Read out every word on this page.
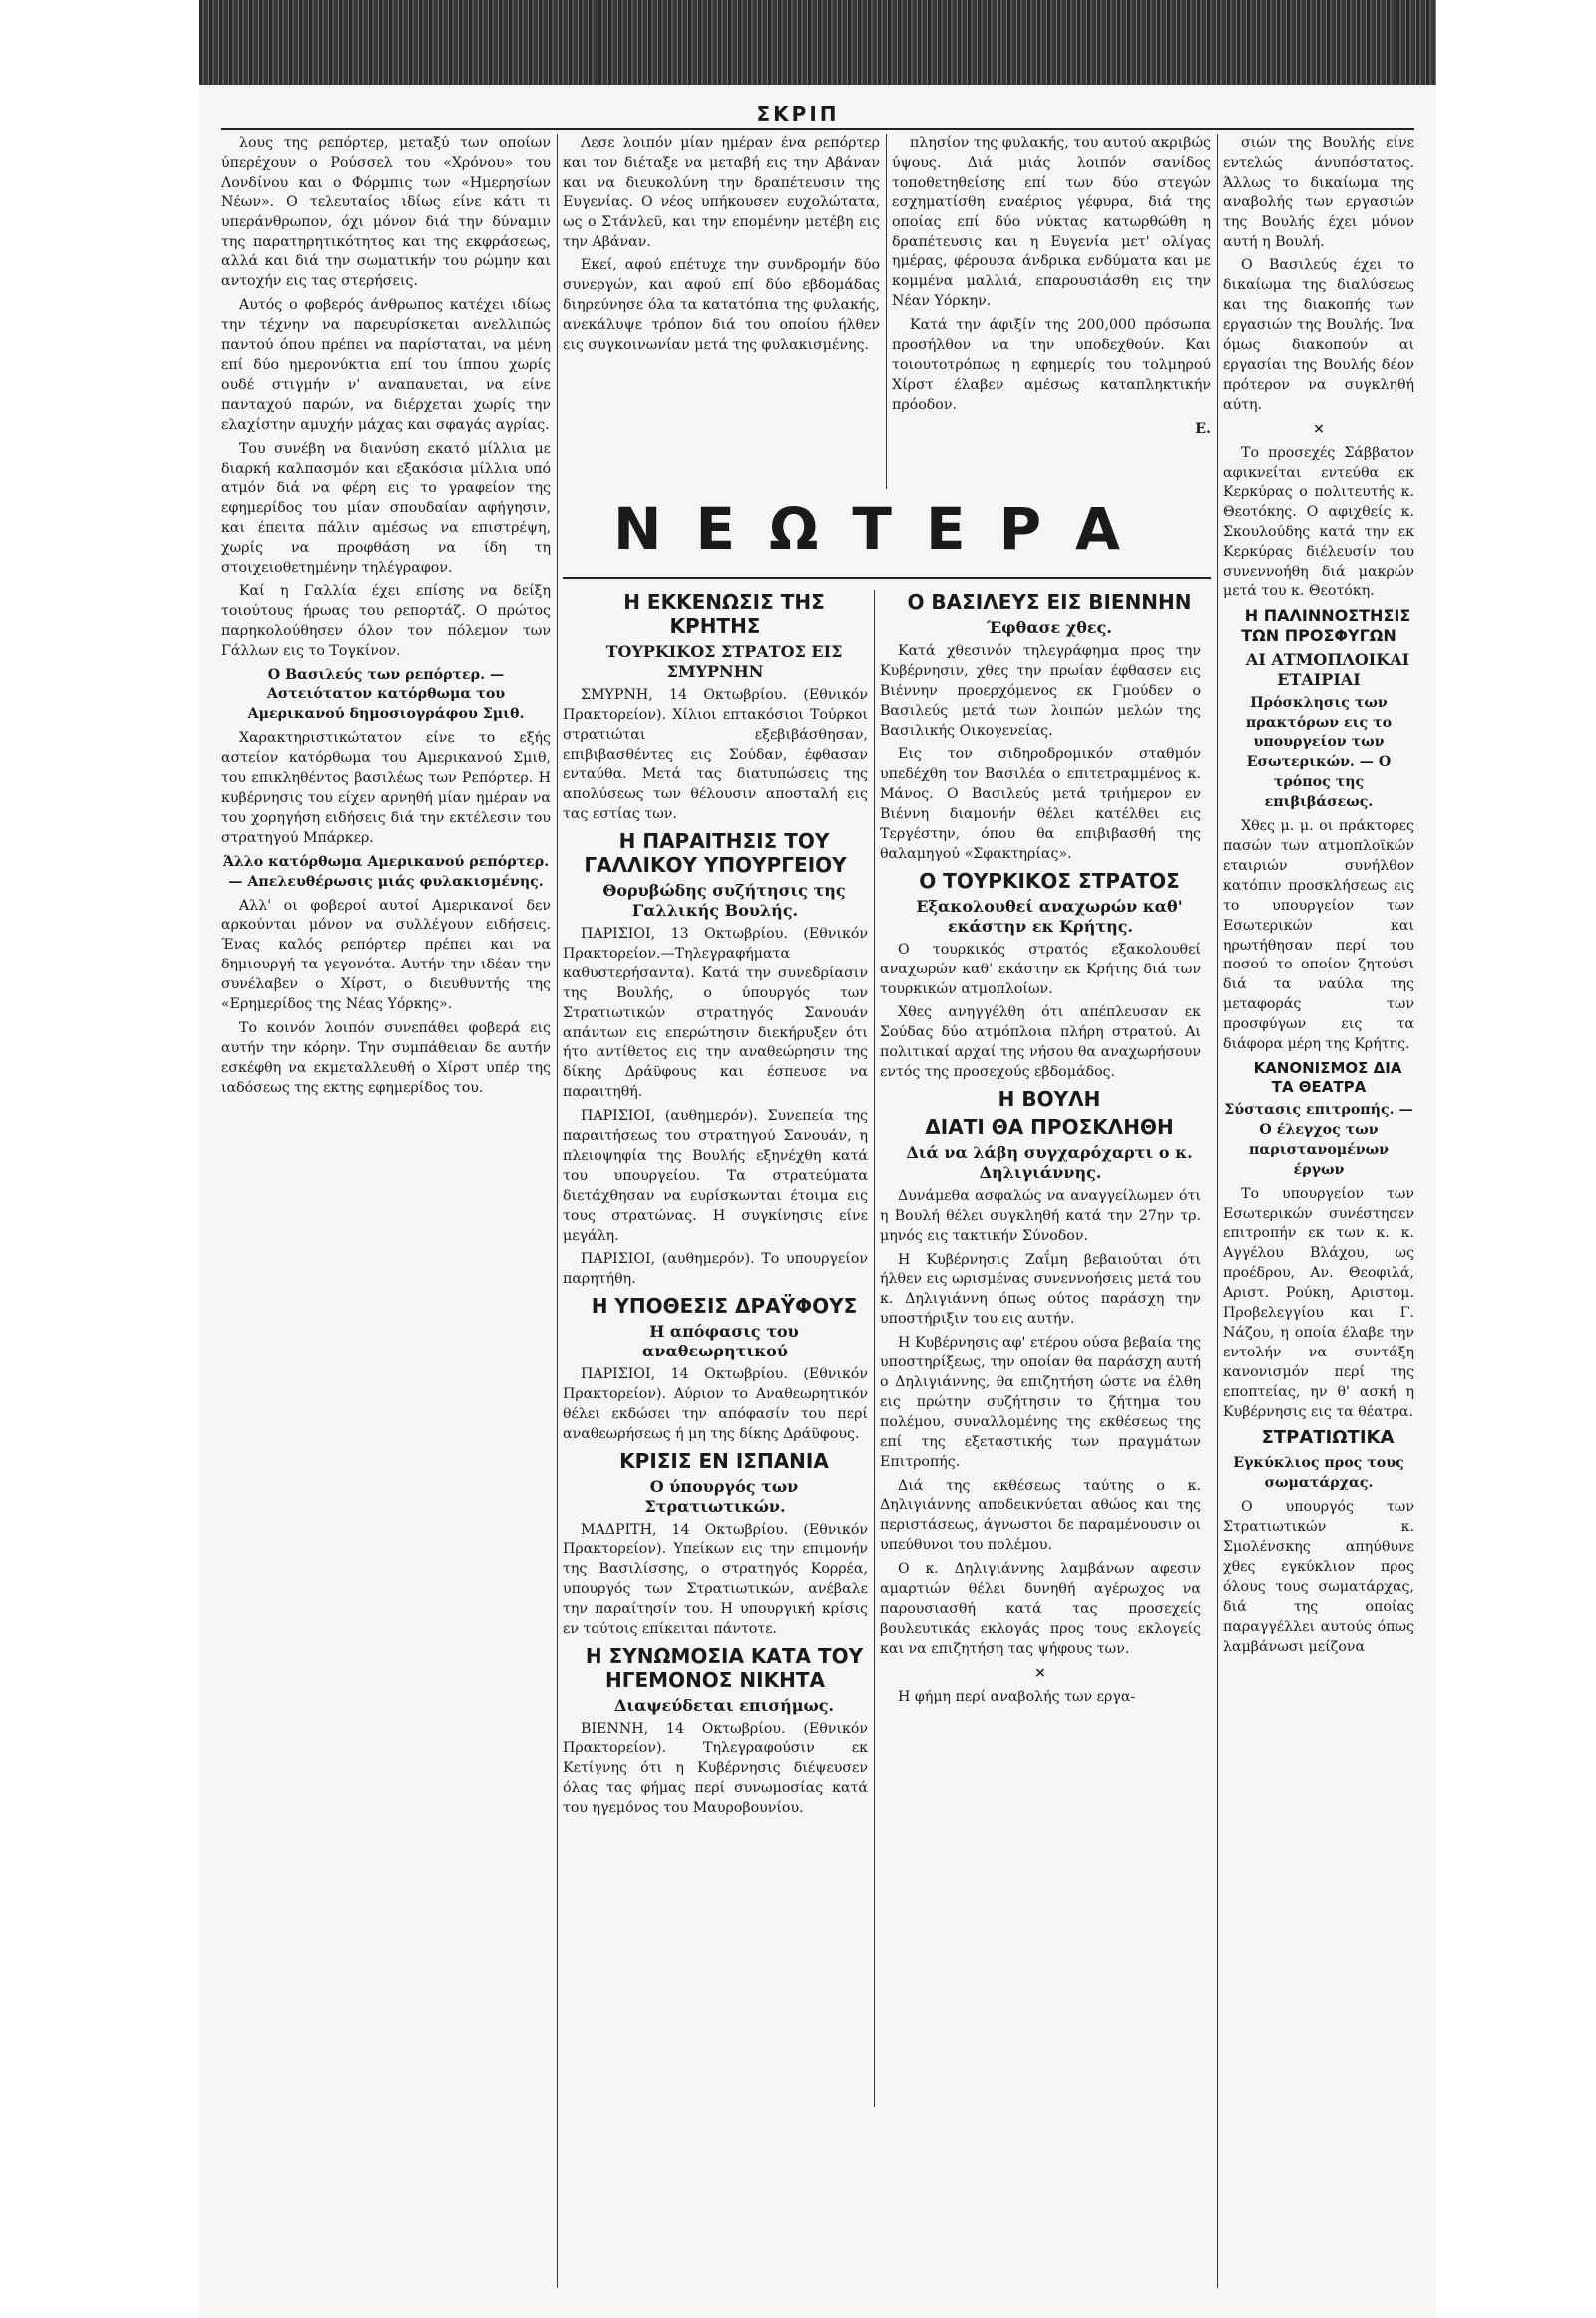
ΣΚΡΙΠ

λους της ρεπόρτερ, μεταξύ των οποίων ύπερέχουν ο Ρούσσελ του «Χρόνου» του Λονδίνου και ο Φόρμπις των «Ημερησίων Νέων». Ο τελευταίος ιδίως είνε κάτι τι υπεράνθρωπον, όχι μόνον διά την δύναμιν της παρατηρητικότητος και της εκφράσεως, αλλά και διά την σωματικήν του ρώμην και αντοχήν εις τας στερήσεις.

Αυτός ο φοβερός άνθρωπος κατέχει ιδίως την τέχνην να παρευρίσκεται ανελλιπώς παντού όπου πρέπει να παρίσταται, να μένη επί δύο ημερονύκτια επί του ίππου χωρίς ουδέ στιγμήν ν' αναπαυεται, να είνε πανταχού παρών, να διέρχεται χωρίς την ελαχίστην αμυχήν μάχας και σφαγάς αγρίας.

Του συνέβη να διανύση εκατό μίλλια με διαρκή καλπασμόν και εξακόσια μίλλια υπό ατμόν διά να φέρη εις το γραφείον της εφημερίδος του μίαν σπουδαίαν αφήγησιν, και έπειτα πάλιν αμέσως να επιστρέψη, χωρίς να προφθάση να ίδη τη στοιχειοθετημένην τηλέγραφον.

Καί η Γαλλία έχει επίσης να δείξη τοιούτους ήρωας του ρεπορτάζ. Ο πρώτος παρηκολούθησεν όλον τον πόλεμον των Γάλλων εις το Τογκίνον.

Ο Βασιλεύς των ρεπόρτερ. — Αστειότατον κατόρθωμα του Αμερικανού δημοσιογράφου Σμιθ.

Χαρακτηριστικώτατον είνε το εξής αστείον κατόρθωμα του Αμερικανού Σμιθ, του επικληθέντος βασιλέως των Ρεπόρτερ. Η κυβέρνησις του είχεν αρνηθή μίαν ημέραν να του χορηγήση ειδήσεις διά την εκτέλεσιν του στρατηγού Μπάρκερ.

Άλλο κατόρθωμα Αμερικανού ρεπόρτερ. — Απελευθέρωσις μιάς φυλακισμένης.

Αλλ' οι φοβεροί αυτοί Αμερικανοί δεν αρκούνται μόνον να συλλέγουν ειδήσεις. Ένας καλός ρεπόρτερ πρέπει και να δημιουργή τα γεγονότα. Αυτήν την ιδέαν την συνέλαβεν ο Χίρστ, ο διευθυντής της «Ερημερίδος της Νέας Υόρκης».

Το κοινόν λοιπόν συνεπάθει φοβερά εις αυτήν την κόρην. Την συμπάθειαν δε αυτήν εσκέφθη να εκμεταλλευθή ο Χίρστ υπέρ της ιαδόσεως της εκτης εφημερίδος του.

Λεσε λοιπόν μίαν ημέραν ένα ρεπόρτερ και τον διέταξε να μεταβή εις την Αβάναν και να διευκολύνη την δραπέτευσιν της Ευγενίας. Ο νέος υπήκουσεν ευχολώτατα, ως ο Στάνλεϋ, και την επομένην μετέβη εις την Αβάναν.

Εκεί, αφού επέτυχε την συνδρομήν δύο συνεργών, και αφού επί δύο εβδομάδας διηρεύνησε όλα τα κατατόπια της φυλακής, ανεκάλυψε τρόπον διά του οποίου ήλθεν εις συγκοινωνίαν μετά της φυλακισμένης.

πλησίον της φυλακής, του αυτού ακριβώς ύψους. Διά μιάς λοιπόν σανίδος τοποθετηθείσης επί των δύο στεγών εσχηματίσθη εναέριος γέφυρα, διά της οποίας επί δύο νύκτας κατωρθώθη η δραπέτευσις και η Ευγενία μετ' ολίγας ημέρας, φέρουσα άνδρικα ενδύματα και με κομμένα μαλλιά, επαρουσιάσθη εις την Νέαν Υόρκην.

Κατά την άφιξίν της 200,000 πρόσωπα προσήλθον να την υποδεχθούν. Και τοιουτοτρόπως η εφημερίς του τολμηρού Χίρστ έλαβεν αμέσως καταπληκτικήν πρόοδον.

Ε.

ΝΕΩΤΕΡΑ

Η ΕΚΚΕΝΩΣΙΣ ΤΗΣ ΚΡΗΤΗΣ

ΤΟΥΡΚΙΚΟΣ ΣΤΡΑΤΟΣ ΕΙΣ ΣΜΥΡΝΗΝ

ΣΜΥΡΝΗ, 14 Οκτωβρίου. (Εθνικόν Πρακτορείον). Χίλιοι επτακόσιοι Τούρκοι στρατιώται εξεβιβάσθησαν, επιβιβασθέντες εις Σούδαν, έφθασαν ενταύθα. Μετά τας διατυπώσεις της απολύσεως των θέλουσιν αποσταλή εις τας εστίας των.

Η ΠΑΡΑΙΤΗΣΙΣ ΤΟΥ ΓΑΛΛΙΚΟΥ ΥΠΟΥΡΓΕΙΟΥ

Θορυβώδης συζήτησις της Γαλλικής Βουλής.

ΠΑΡΙΣΙΟΙ, 13 Οκτωβρίου. (Εθνικόν Πρακτορείον.—Τηλεγραφήματα καθυστερήσαντα). Κατά την συνεδρίασιν της Βουλής, ο ύπουργός των Στρατιωτικών στρατηγός Σανουάν απάντων εις επερώτησιν διεκήρυξεν ότι ήτο αντίθετος εις την αναθεώρησιν της δίκης Δράϋφους και έσπευσε να παραιτηθή.

ΠΑΡΙΣΙΟΙ, (αυθημερόν). Συνεπεία της παραιτήσεως του στρατηγού Σανουάν, η πλειοψηφία της Βουλής εξηνέχθη κατά του υπουργείου. Τα στρατεύματα διετάχθησαν να ευρίσκωνται έτοιμα εις τους στρατώνας. Η συγκίνησις είνε μεγάλη.

ΠΑΡΙΣΙΟΙ, (αυθημερόν). Το υπουργείον παρητήθη.

Η ΥΠΟΘΕΣΙΣ ΔΡΑΫΦΟΥΣ

Η απόφασις του αναθεωρητικού

ΠΑΡΙΣΙΟΙ, 14 Οκτωβρίου. (Εθνικόν Πρακτορείον). Αύριον το Αναθεωρητικόν θέλει εκδώσει την απόφασίν του περί αναθεωρήσεως ή μη της δίκης Δράϋφους.

ΚΡΙΣΙΣ ΕΝ ΙΣΠΑΝΙΑ

Ο ύπουργός των Στρατιωτικών.

ΜΑΔΡΙΤΗ, 14 Οκτωβρίου. (Εθνικόν Πρακτορείον). Υπείκων εις την επιμονήν της Βασιλίσσης, ο στρατηγός Κορρέα, υπουργός των Στρατιωτικών, ανέβαλε την παραίτησίν του. Η υπουργική κρίσις εν τούτοις επίκειται πάντοτε.

Η ΣΥΝΩΜΟΣΙΑ ΚΑΤΑ ΤΟΥ ΗΓΕΜΟΝΟΣ ΝΙΚΗΤΑ

Διαψεύδεται επισήμως.

ΒΙΕΝΝΗ, 14 Οκτωβρίου. (Εθνικόν Πρακτορείον). Τηλεγραφούσιν εκ Κετίγνης ότι η Κυβέρνησις διέψευσεν όλας τας φήμας περί συνωμοσίας κατά του ηγεμόνος του Μαυροβουνίου.

Ο ΒΑΣΙΛΕΥΣ ΕΙΣ ΒΙΕΝΝΗΝ

Έφθασε χθες.

Κατά χθεσινόν τηλεγράφημα προς την Κυβέρνησιν, χθες την πρωίαν έφθασεν εις Βιέννην προερχόμενος εκ Γμούδεν ο Βασιλεύς μετά των λοιπών μελών της Βασιλικής Οικογενείας.

Εις τον σιδηροδρομικόν σταθμόν υπεδέχθη τον Βασιλέα ο επιτετραμμένος κ. Μάνος. Ο Βασιλεύς μετά τριήμερον εν Βιέννη διαμονήν θέλει κατέλθει εις Τεργέστην, όπου θα επιβιβασθή της θαλαμηγού «Σφακτηρίας».

Ο ΤΟΥΡΚΙΚΟΣ ΣΤΡΑΤΟΣ

Εξακολουθεί αναχωρών καθ' εκάστην εκ Κρήτης.

Ο τουρκικός στρατός εξακολουθεί αναχωρών καθ' εκάστην εκ Κρήτης διά των τουρκικών ατμοπλοίων.

Χθες ανηγγέλθη ότι απέπλευσαν εκ Σούδας δύο ατμόπλοια πλήρη στρατού. Αι πολιτικαί αρχαί της νήσου θα αναχωρήσουν εντός της προσεχούς εβδομάδος.

Η ΒΟΥΛΗ

ΔΙΑΤΙ ΘΑ ΠΡΟΣΚΛΗΘΗ

Διά να λάβη συγχαρόχαρτι ο κ. Δηλιγιάννης.

Δυνάμεθα ασφαλώς να αναγγείλωμεν ότι η Βουλή θέλει συγκληθή κατά την 27ην τρ. μηνός εις τακτικήν Σύνοδον.

Η Κυβέρνησις Ζαΐμη βεβαιούται ότι ήλθεν εις ωρισμένας συνεννοήσεις μετά του κ. Δηλιγιάννη όπως ούτος παράσχη την υποστήριξιν του εις αυτήν.

Η Κυβέρνησις αφ' ετέρου ούσα βεβαία της υποστηρίξεως, την οποίαν θα παράσχη αυτή ο Δηλιγιάννης, θα επιζητήση ώστε να έλθη εις πρώτην συζήτησιν το ζήτημα του πολέμου, συναλλομένης της εκθέσεως της επί της εξεταστικής των πραγμάτων Επιτροπής.

Διά της εκθέσεως ταύτης ο κ. Δηλιγιάννης αποδεικνύεται αθώος και της περιστάσεως, άγνωστοι δε παραμένουσιν οι υπεύθυνοι του πολέμου.

Ο κ. Δηλιγιάννης λαμβάνων αφεσιν αμαρτιών θέλει δυνηθή αγέρωχος να παρουσιασθή κατά τας προσεχείς βουλευτικάς εκλογάς προς τους εκλογείς και να επιζητήση τας ψήφους των.

×

Η φήμη περί αναβολής των εργα-

σιών της Βουλής είνε εντελώς άνυπόστατος. Άλλως το δικαίωμα της αναβολής των εργασιών της Βουλής έχει μόνον αυτή η Βουλή.

Ο Βασιλεύς έχει το δικαίωμα της διαλύσεως και της διακοπής των εργασιών της Βουλής. Ίνα όμως διακοπούν αι εργασίαι της Βουλής δέον πρότερον να συγκληθή αύτη.

×

Το προσεχές Σάββατον αφικνείται εντεύθα εκ Κερκύρας ο πολιτευτής κ. Θεοτόκης. Ο αφιχθείς κ. Σκουλούδης κατά την εκ Κερκύρας διέλευσίν του συνεννοήθη διά μακρών μετά του κ. Θεοτόκη.

Η ΠΑΛΙΝΝΟΣΤΗΣΙΣ ΤΩΝ ΠΡΟΣΦΥΓΩΝ

ΑΙ ΑΤΜΟΠΛΟΙΚΑΙ ΕΤΑΙΡΙΑΙ

Πρόσκλησις των πρακτόρων εις το υπουργείον των Εσωτερικών. — Ο τρόπος της επιβιβάσεως.

Χθες μ. μ. οι πράκτορες πασών των ατμοπλοϊκών εταιριών συνήλθον κατόπιν προσκλήσεως εις το υπουργείον των Εσωτερικών και ηρωτήθησαν περί του ποσού το οποίον ζητούσι διά τα ναύλα της μεταφοράς των προσφύγων εις τα διάφορα μέρη της Κρήτης.

ΚΑΝΟΝΙΣΜΟΣ ΔΙΑ ΤΑ ΘΕΑΤΡΑ

Σύστασις επιτροπής. — Ο έλεγχος των παριστανομένων έργων

Το υπουργείον των Εσωτερικών συνέστησεν επιτροπήν εκ των κ. κ. Αγγέλου Βλάχου, ως προέδρου, Αν. Θεοφιλά, Αριστ. Ρούκη, Αριστομ. Προβελεγγίου και Γ. Νάζου, η οποία έλαβε την εντολήν να συντάξη κανονισμόν περί της εποπτείας, ην θ' ασκή η Κυβέρνησις εις τα θέατρα.

ΣΤΡΑΤΙΩΤΙΚΑ

Εγκύκλιος προς τους σωματάρχας.

Ο υπουργός των Στρατιωτικών κ. Σμολένσκης απηύθυνε χθες εγκύκλιον προς όλους τους σωματάρχας, διά της οποίας παραγγέλλει αυτούς όπως λαμβάνωσι μείζονα
